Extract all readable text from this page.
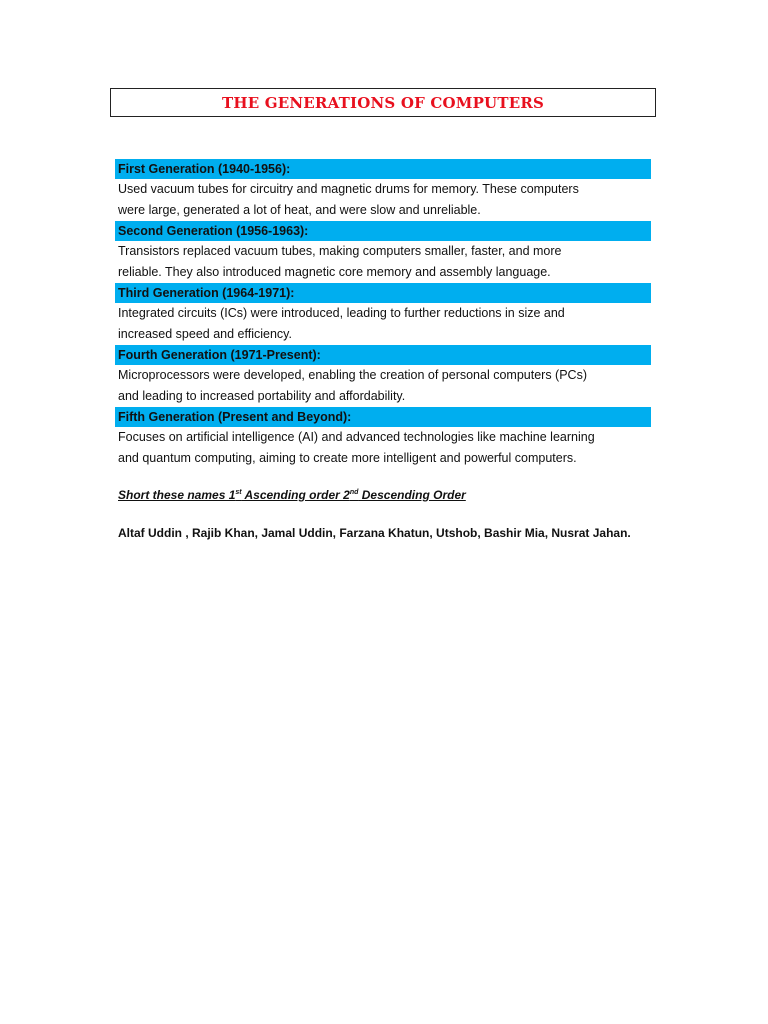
THE GENERATIONS OF COMPUTERS
First Generation (1940-1956):
Used vacuum tubes for circuitry and magnetic drums for memory. These computers
were large, generated a lot of heat, and were slow and unreliable.
Second Generation (1956-1963):
Transistors replaced vacuum tubes, making computers smaller, faster, and more
reliable. They also introduced magnetic core memory and assembly language.
Third Generation (1964-1971):
Integrated circuits (ICs) were introduced, leading to further reductions in size and
increased speed and efficiency.
Fourth Generation (1971-Present):
Microprocessors were developed, enabling the creation of personal computers (PCs)
and leading to increased portability and affordability.
Fifth Generation (Present and Beyond):
Focuses on artificial intelligence (AI) and advanced technologies like machine learning
and quantum computing, aiming to create more intelligent and powerful computers.
Short these names 1st Ascending order 2nd Descending Order
Altaf Uddin , Rajib Khan, Jamal Uddin, Farzana Khatun, Utshob, Bashir Mia, Nusrat Jahan.
